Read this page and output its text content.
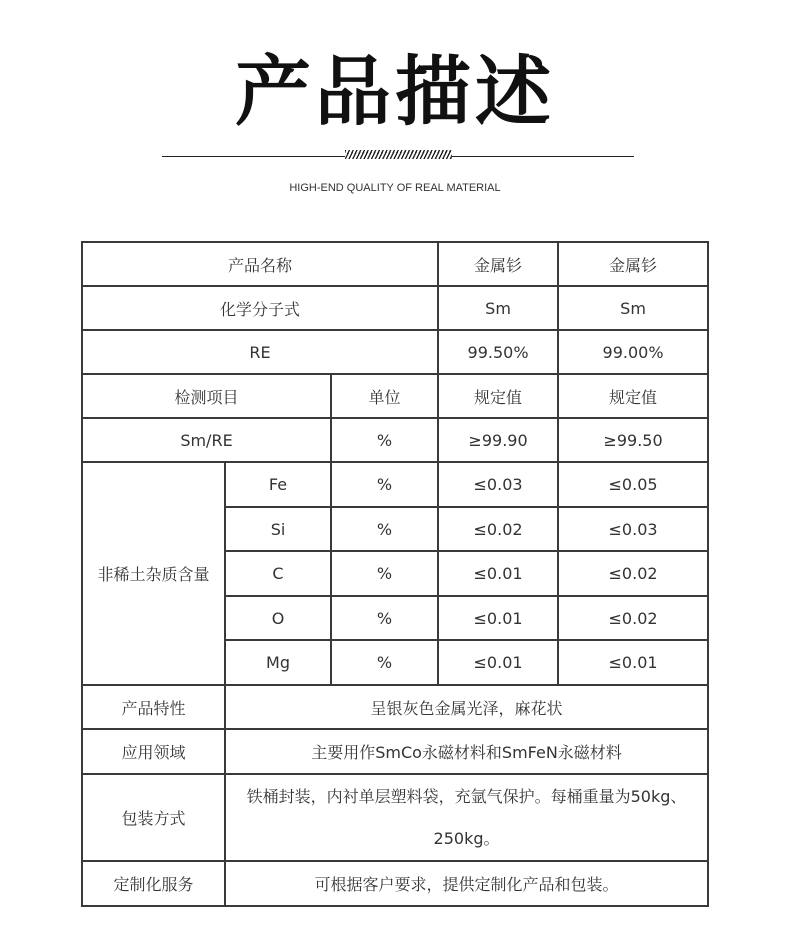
产品描述
HIGH-END QUALITY OF REAL MATERIAL
产品名称			金属钐	金属钐
化学分子式			Sm	Sm
RE			99.50%	99.00%
检测项目		单位	规定值	规定值
Sm/RE		%	≥99.90	≥99.50
非稀土杂质含量	Fe	%	≤0.03	≤0.05
	Si	%	≤0.02	≤0.03
	C	%	≤0.01	≤0.02
	O	%	≤0.01	≤0.02
	Mg	%	≤0.01	≤0.01
产品特性	呈银灰色金属光泽，麻花状			
应用领域	主要用作SmCo永磁材料和SmFeN永磁材料			
包装方式	铁桶封装，内衬单层塑料袋，充氩气保护。每桶重量为50kg、250kg。			
定制化服务	可根据客户要求，提供定制化产品和包装。			
